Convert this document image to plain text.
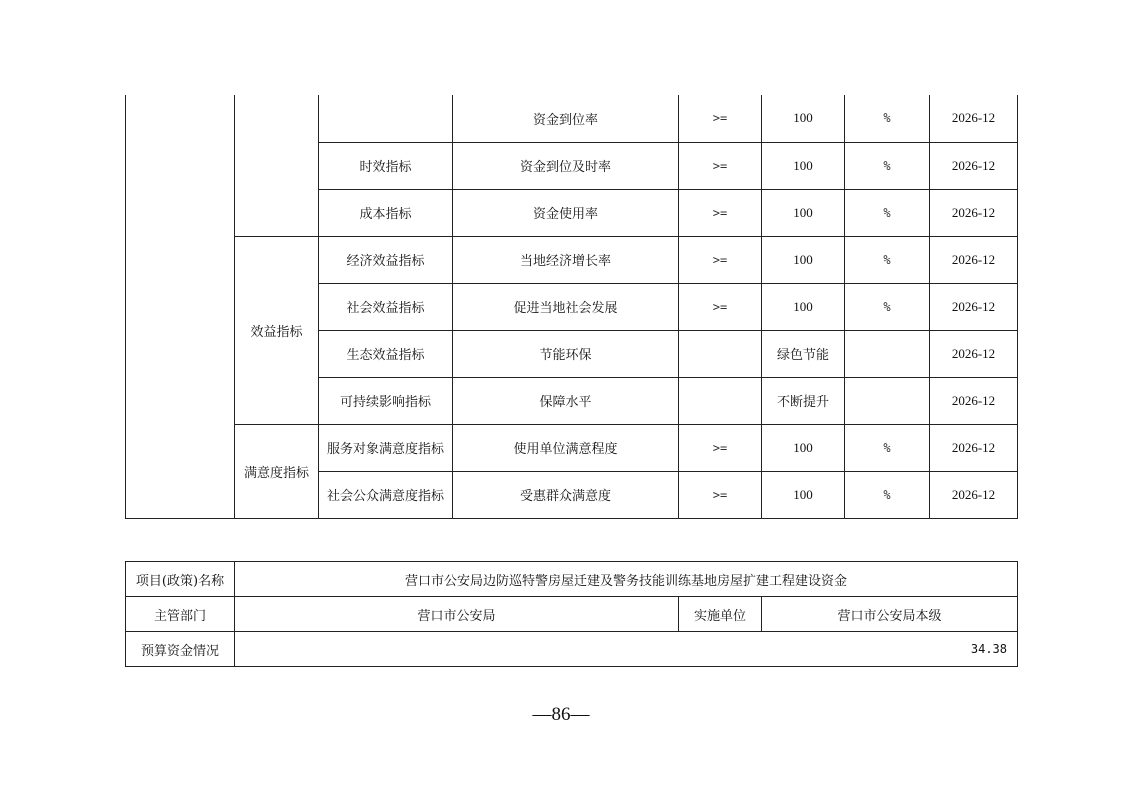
			资金到位率	>=	100	%	2026-12
		时效指标	资金到位及时率	>=	100	%	2026-12
		成本指标	资金使用率	>=	100	%	2026-12
	效益指标	经济效益指标	当地经济增长率	>=	100	%	2026-12
		社会效益指标	促进当地社会发展	>=	100	%	2026-12
		生态效益指标	节能环保		绿色节能		2026-12
		可持续影响指标	保障水平		不断提升		2026-12
	满意度指标	服务对象满意度指标	使用单位满意程度	>=	100	%	2026-12
		社会公众满意度指标	受惠群众满意度	>=	100	%	2026-12
项目(政策)名称	营口市公安局边防巡特警房屋迁建及警务技能训练基地房屋扩建工程建设资金		
主管部门	营口市公安局	实施单位	营口市公安局本级
预算资金情况	34.38		
—86—
